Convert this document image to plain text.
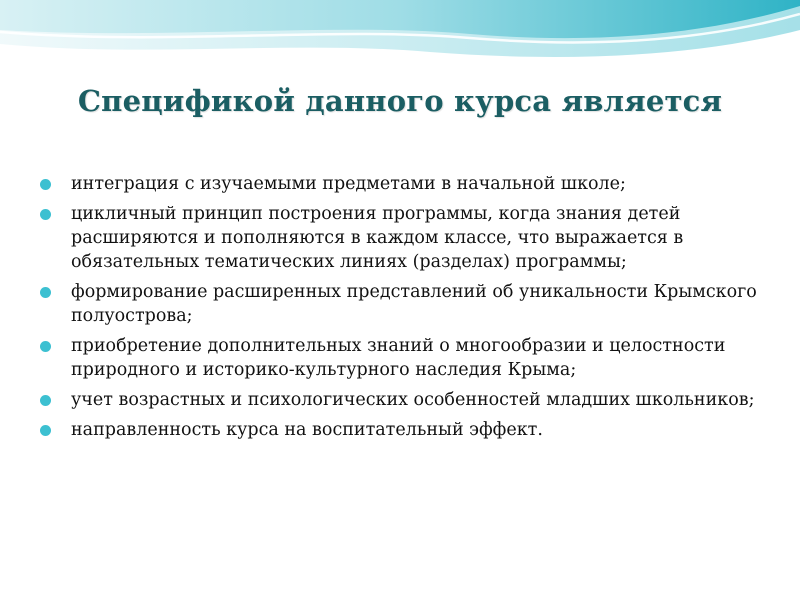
Спецификой данного курса является
интеграция с изучаемыми предметами в начальной школе;
цикличный принцип построения программы, когда знания детей расширяются и пополняются в каждом классе, что выражается в обязательных тематических линиях (разделах) программы;
формирование расширенных представлений об уникальности Крымского полуострова;
приобретение дополнительных знаний о многообразии и целостности природного и историко-культурного наследия Крыма;
учет возрастных и психологических особенностей младших школьников;
направленность курса на воспитательный эффект.
